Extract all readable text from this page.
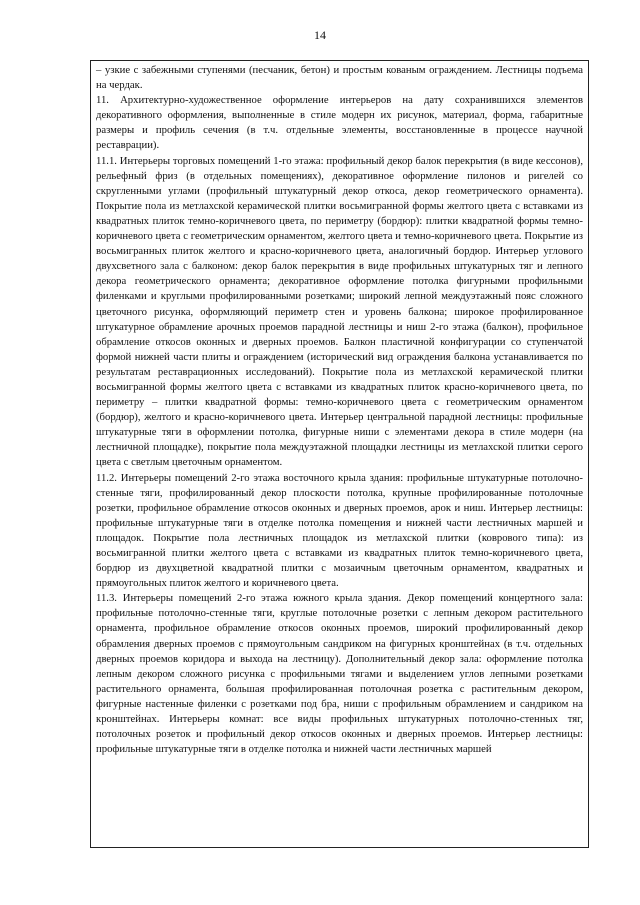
14

– узкие с забежными ступенями (песчаник, бетон) и простым кованым ограждением. Лестницы подъема на чердак.

11. Архитектурно-художественное оформление интерьеров на дату сохранившихся элементов декоративного оформления, выполненные в стиле модерн их рисунок, материал, форма, габаритные размеры и профиль сечения (в т.ч. отдельные элементы, восстановленные в процессе научной реставрации).

11.1. Интерьеры торговых помещений 1-го этажа: профильный декор балок перекрытия (в виде кессонов), рельефный фриз (в отдельных помещениях), декоративное оформление пилонов и ригелей со скругленными углами (профильный штукатурный декор откоса, декор геометрического орнамента). Покрытие пола из метлахской керамической плитки восьмигранной формы желтого цвета с вставками из квадратных плиток темно-коричневого цвета, по периметру (бордюр): плитки квадратной формы темно-коричневого цвета с геометрическим орнаментом, желтого цвета и темно-коричневого цвета. Покрытие из восьмигранных плиток желтого и красно-коричневого цвета, аналогичный бордюр. Интерьер углового двухсветного зала с балконом: декор балок перекрытия в виде профильных штукатурных тяг и лепного декора геометрического орнамента; декоративное оформление потолка фигурными профильными филенками и круглыми профилированными розетками; широкий лепной междуэтажный пояс сложного цветочного рисунка, оформляющий периметр стен и уровень балкона; широкое профилированное штукатурное обрамление арочных проемов парадной лестницы и ниш 2-го этажа (балкон), профильное обрамление откосов оконных и дверных проемов. Балкон пластичной конфигурации со ступенчатой формой нижней части плиты и ограждением (исторический вид ограждения балкона устанавливается по результатам реставрационных исследований). Покрытие пола из метлахской керамической плитки восьмигранной формы желтого цвета с вставками из квадратных плиток красно-коричневого цвета, по периметру – плитки квадратной формы: темно-коричневого цвета с геометрическим орнаментом (бордюр), желтого и красно-коричневого цвета. Интерьер центральной парадной лестницы: профильные штукатурные тяги в оформлении потолка, фигурные ниши с элементами декора в стиле модерн (на лестничной площадке), покрытие пола междуэтажной площадки лестницы из метлахской плитки серого цвета с светлым цветочным орнаментом.

11.2. Интерьеры помещений 2-го этажа восточного крыла здания: профильные штукатурные потолочно-стенные тяги, профилированный декор плоскости потолка, крупные профилированные потолочные розетки, профильное обрамление откосов оконных и дверных проемов, арок и ниш. Интерьер лестницы: профильные штукатурные тяги в отделке потолка помещения и нижней части лестничных маршей и площадок. Покрытие пола лестничных площадок из метлахской плитки (коврового типа): из восьмигранной плитки желтого цвета с вставками из квадратных плиток темно-коричневого цвета, бордюр из двухцветной квадратной плитки с мозаичным цветочным орнаментом, квадратных и прямоугольных плиток желтого и коричневого цвета.

11.3. Интерьеры помещений 2-го этажа южного крыла здания. Декор помещений концертного зала: профильные потолочно-стенные тяги, круглые потолочные розетки с лепным декором растительного орнамента, профильное обрамление откосов оконных проемов, широкий профилированный декор обрамления дверных проемов с прямоугольным сандриком на фигурных кронштейнах (в т.ч. отдельных дверных проемов коридора и выхода на лестницу). Дополнительный декор зала: оформление потолка лепным декором сложного рисунка с профильными тягами и выделением углов лепными розетками растительного орнамента, большая профилированная потолочная розетка с растительным декором, фигурные настенные филенки с розетками под бра, ниши с профильным обрамлением и сандриком на кронштейнах. Интерьеры комнат: все виды профильных штукатурных потолочно-стенных тяг, потолочных розеток и профильный декор откосов оконных и дверных проемов. Интерьер лестницы: профильные штукатурные тяги в отделке потолка и нижней части лестничных маршей
